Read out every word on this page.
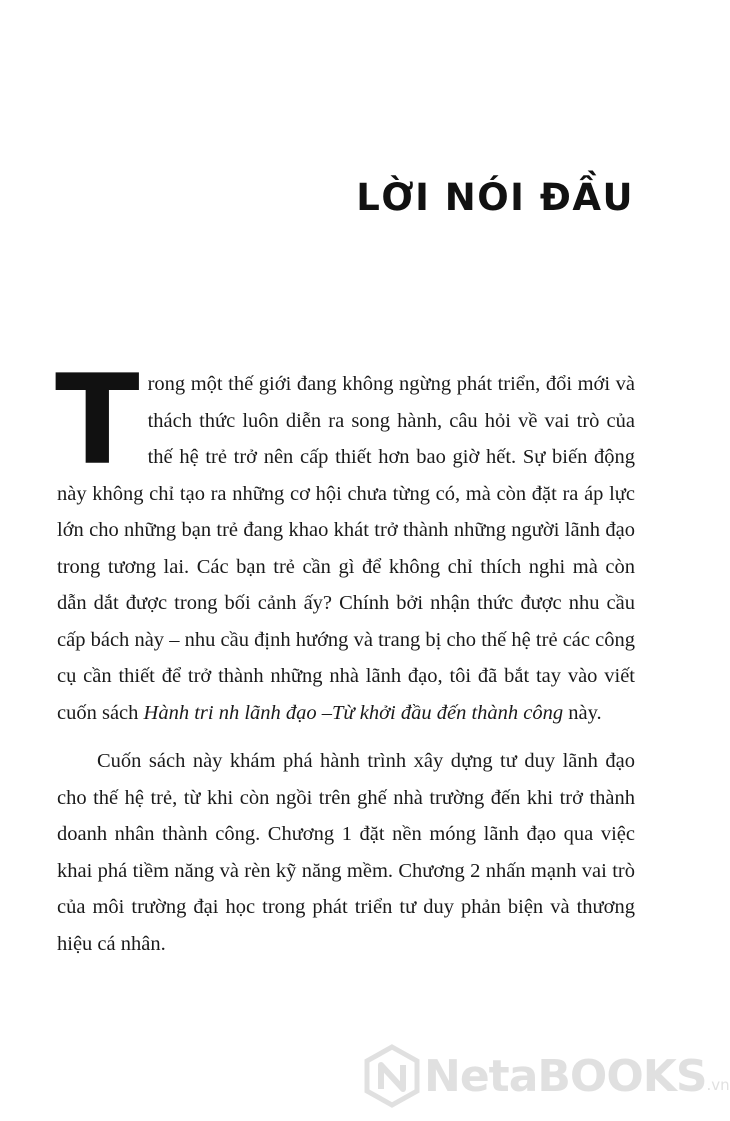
LỜI NÓI ĐẦU

Trong một thế giới đang không ngừng phát triển, đổi mới và thách thức luôn diễn ra song hành, câu hỏi về vai trò của thế hệ trẻ trở nên cấp thiết hơn bao giờ hết. Sự biến động này không chỉ tạo ra những cơ hội chưa từng có, mà còn đặt ra áp lực lớn cho những bạn trẻ đang khao khát trở thành những người lãnh đạo trong tương lai. Các bạn trẻ cần gì để không chỉ thích nghi mà còn dẫn dắt được trong bối cảnh ấy? Chính bởi nhận thức được nhu cầu cấp bách này – nhu cầu định hướng và trang bị cho thế hệ trẻ các công cụ cần thiết để trở thành những nhà lãnh đạo, tôi đã bắt tay vào viết cuốn sách Hành tri nh lãnh đạo –Từ khởi đầu đến thành công này.

Cuốn sách này khám phá hành trình xây dựng tư duy lãnh đạo cho thế hệ trẻ, từ khi còn ngồi trên ghế nhà trường đến khi trở thành doanh nhân thành công. Chương 1 đặt nền móng lãnh đạo qua việc khai phá tiềm năng và rèn kỹ năng mềm. Chương 2 nhấn mạnh vai trò của môi trường đại học trong phát triển tư duy phản biện và thương hiệu cá nhân.

NetaBOOKS .vn
